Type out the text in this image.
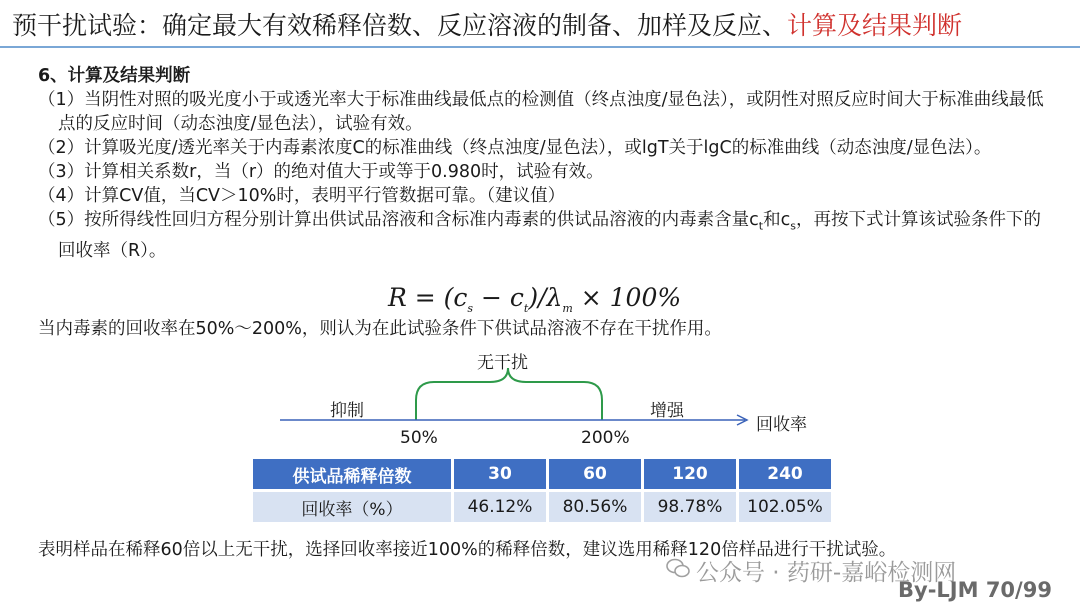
预干扰试验：确定最大有效稀释倍数、反应溶液的制备、加样及反应、计算及结果判断

6、计算及结果判断

（1）当阴性对照的吸光度小于或透光率大于标准曲线最低点的检测值（终点浊度/显色法），或阴性对照反应时间大于标准曲线最低点的反应时间（动态浊度/显色法），试验有效。

（2）计算吸光度/透光率关于内毒素浓度C的标准曲线（终点浊度/显色法），或lgT关于lgC的标准曲线（动态浊度/显色法）。

（3）计算相关系数r，当（r）的绝对值大于或等于0.980时，试验有效。

（4）计算CV值，当CV＞10%时，表明平行管数据可靠。（建议值）

（5）按所得线性回归方程分别计算出供试品溶液和含标准内毒素的供试品溶液的内毒素含量$c_t$和$c_s$，再按下式计算该试验条件下的回收率（R）。

$R = (c_s - c_t)/\lambda_m \times 100\%$
当内毒素的回收率在50%～200%，则认为在此试验条件下供试品溶液不存在干扰作用。
无干扰
抑制	增强
回收率
50%	200%
供试品稀释倍数	30	60	120	240
回收率（%）	46.12%	80.56%	98.78%	102.05%
表明样品在稀释60倍以上无干扰，选择回收率接近100%的稀释倍数，建议选用稀释120倍样品进行干扰试验。
公众号 · 药研-嘉峪检测网
By-LJM 70/99
